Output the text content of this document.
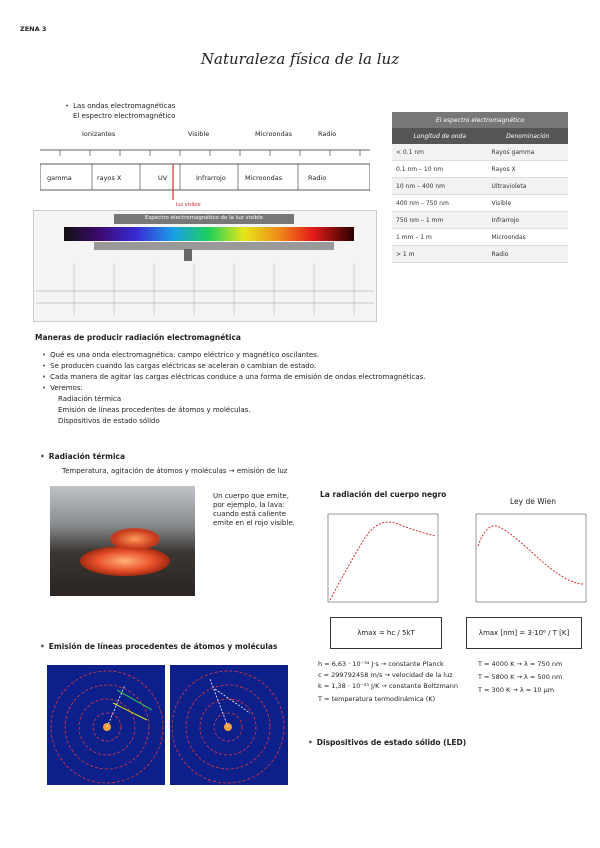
ZENA 3
Naturaleza física de la luz
• Las ondas electromagnéticas
El espectro electromagnético
Ionizantes	Visible	Microondas	Radio
gamma	rayos X	UV	Infrarrojo	Microondas	Radio
luz visible
Espectro electromagnético de la luz visible
El espectro electromagnético	
Longitud de onda	Denominación
< 0.1 nm	Rayos gamma
0.1 nm – 10 nm	Rayos X
10 nm – 400 nm	Ultravioleta
400 nm – 750 nm	Visible
750 nm – 1 mm	Infrarrojo
1 mm – 1 m	Microondas
> 1 m	Radio
Maneras de producir radiación electromagnética
• Qué es una onda electromagnética: campo eléctrico y magnético oscilantes.
• Se producen cuando las cargas eléctricas se aceleran o cambian de estado.
• Cada manera de agitar las cargas eléctricas conduce a una forma de emisión de ondas electromagnéticas.
• Veremos:
Radiación térmica
Emisión de líneas procedentes de átomos y moléculas.
Dispositivos de estado sólido
• Radiación térmica
Temperatura, agitación de átomos y moléculas → emisión de luz
Un cuerpo que emite, por ejemplo, la lava: cuando está caliente emite en el rojo visible.
La radiación del cuerpo negro
Ley de Wien
λmax = hc / 5kT	λmax [nm] = 3·10⁶ / T [K]
h = 6,63 · 10⁻³⁴ J·s → constante Planck
c = 299792458 m/s → velocidad de la luz
k = 1,38 · 10⁻²³ J/K → constante Boltzmann
T = temperatura termodinámica (K)
T = 4000 K → λ = 750 nm
T = 5800 K → λ = 500 nm
T = 300 K → λ = 10 μm
• Emisión de líneas procedentes de átomos y moléculas
• Dispositivos de estado sólido (LED)
